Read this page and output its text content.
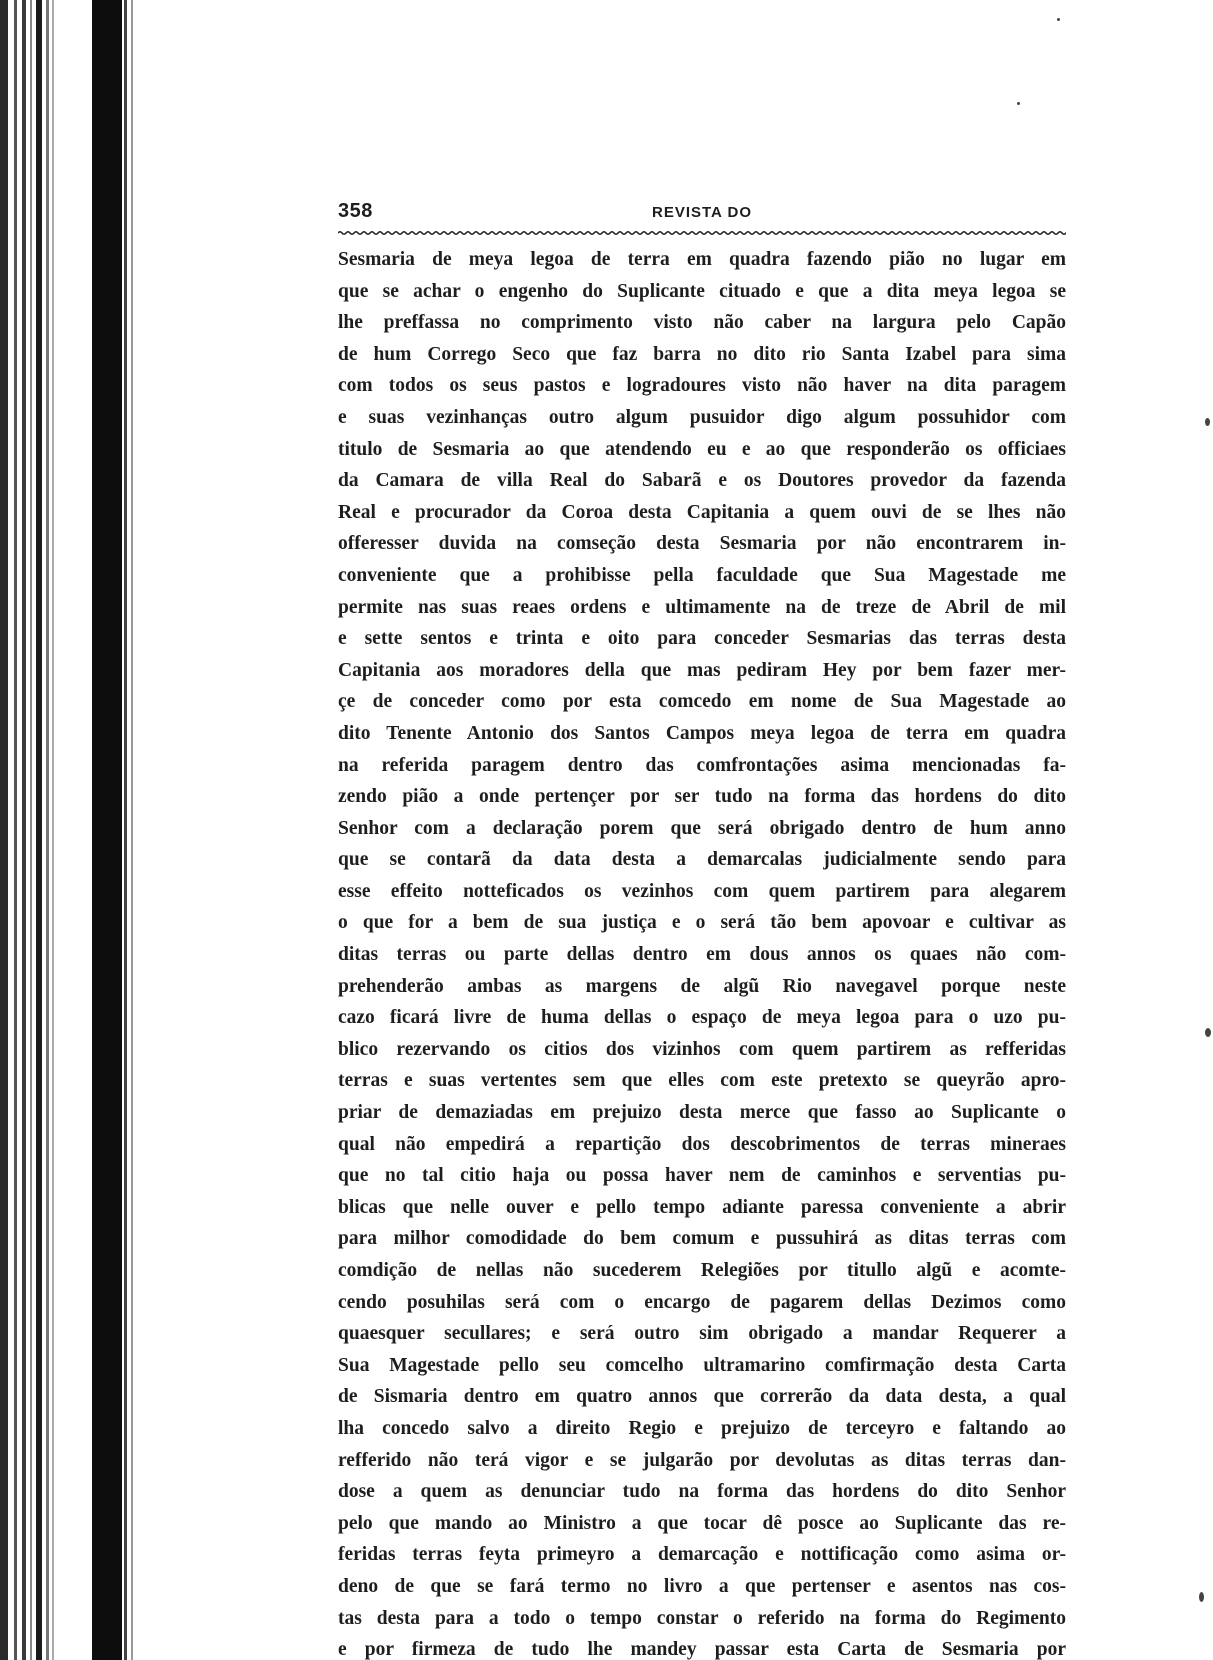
358	REVISTA DO
Sesmaria de meya legoa de terra em quadra fazendo pião no lugar em
que se achar o engenho do Suplicante cituado e que a dita meya legoa se
lhe preffassa no comprimento visto não caber na largura pelo Capão
de hum Corrego Seco que faz barra no dito rio Santa Izabel para sima
com todos os seus pastos e logradoures visto não haver na dita paragem
e suas vezinhanças outro algum pusuidor digo algum possuhidor com
titulo de Sesmaria ao que atendendo eu e ao que responderão os officiaes
da Camara de villa Real do Sabarã e os Doutores provedor da fazenda
Real e procurador da Coroa desta Capitania a quem ouvi de se lhes não
offeresser duvida na comseção desta Sesmaria por não encontrarem in-
conveniente que a prohibisse pella faculdade que Sua Magestade me
permite nas suas reaes ordens e ultimamente na de treze de Abril de mil
e sette sentos e trinta e oito para conceder Sesmarias das terras desta
Capitania aos moradores della que mas pediram Hey por bem fazer mer-
çe de conceder como por esta comcedo em nome de Sua Magestade ao
dito Tenente Antonio dos Santos Campos meya legoa de terra em quadra
na referida paragem dentro das comfrontações asima mencionadas fa-
zendo pião a onde pertençer por ser tudo na forma das hordens do dito
Senhor com a declaração porem que será obrigado dentro de hum anno
que se contarã da data desta a demarcalas judicialmente sendo para
esse effeito notteficados os vezinhos com quem partirem para alegarem
o que for a bem de sua justiça e o será tão bem apovoar e cultivar as
ditas terras ou parte dellas dentro em dous annos os quaes não com-
prehenderão ambas as margens de algũ Rio navegavel porque neste
cazo ficará livre de huma dellas o espaço de meya legoa para o uzo pu-
blico rezervando os citios dos vizinhos com quem partirem as refferidas
terras e suas vertentes sem que elles com este pretexto se queyrão apro-
priar de demaziadas em prejuizo desta merce que fasso ao Suplicante o
qual não empedirá a repartição dos descobrimentos de terras mineraes
que no tal citio haja ou possa haver nem de caminhos e serventias pu-
blicas que nelle ouver e pello tempo adiante paressa conveniente a abrir
para milhor comodidade do bem comum e pussuhirá as ditas terras com
comdição de nellas não sucederem Relegiões por titullo algũ e acomte-
cendo posuhilas será com o encargo de pagarem dellas Dezimos como
quaesquer secullares; e será outro sim obrigado a mandar Requerer a
Sua Magestade pello seu comcelho ultramarino comfirmação desta Carta
de Sismaria dentro em quatro annos que correrão da data desta, a qual
lha concedo salvo a direito Regio e prejuizo de terceyro e faltando ao
refferido não terá vigor e se julgarão por devolutas as ditas terras dan-
dose a quem as denunciar tudo na forma das hordens do dito Senhor
pelo que mando ao Ministro a que tocar dê posce ao Suplicante das re-
feridas terras feyta primeyro a demarcação e nottificação como asima or-
deno de que se fará termo no livro a que pertenser e asentos nas cos-
tas desta para a todo o tempo constar o referido na forma do Regimento
e por firmeza de tudo lhe mandey passar esta Carta de Sesmaria por
